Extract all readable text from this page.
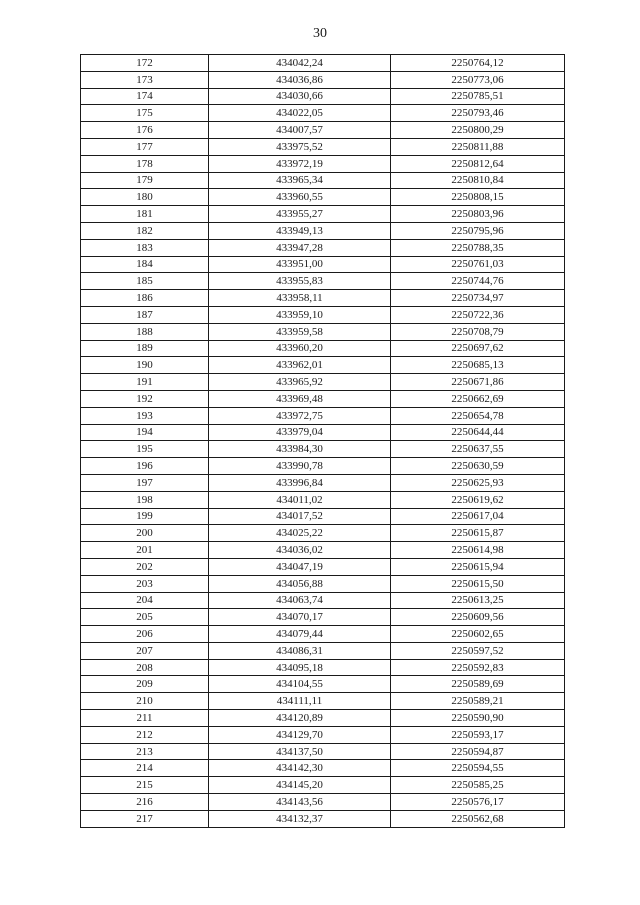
30
172	434042,24	2250764,12
173	434036,86	2250773,06
174	434030,66	2250785,51
175	434022,05	2250793,46
176	434007,57	2250800,29
177	433975,52	2250811,88
178	433972,19	2250812,64
179	433965,34	2250810,84
180	433960,55	2250808,15
181	433955,27	2250803,96
182	433949,13	2250795,96
183	433947,28	2250788,35
184	433951,00	2250761,03
185	433955,83	2250744,76
186	433958,11	2250734,97
187	433959,10	2250722,36
188	433959,58	2250708,79
189	433960,20	2250697,62
190	433962,01	2250685,13
191	433965,92	2250671,86
192	433969,48	2250662,69
193	433972,75	2250654,78
194	433979,04	2250644,44
195	433984,30	2250637,55
196	433990,78	2250630,59
197	433996,84	2250625,93
198	434011,02	2250619,62
199	434017,52	2250617,04
200	434025,22	2250615,87
201	434036,02	2250614,98
202	434047,19	2250615,94
203	434056,88	2250615,50
204	434063,74	2250613,25
205	434070,17	2250609,56
206	434079,44	2250602,65
207	434086,31	2250597,52
208	434095,18	2250592,83
209	434104,55	2250589,69
210	434111,11	2250589,21
211	434120,89	2250590,90
212	434129,70	2250593,17
213	434137,50	2250594,87
214	434142,30	2250594,55
215	434145,20	2250585,25
216	434143,56	2250576,17
217	434132,37	2250562,68
